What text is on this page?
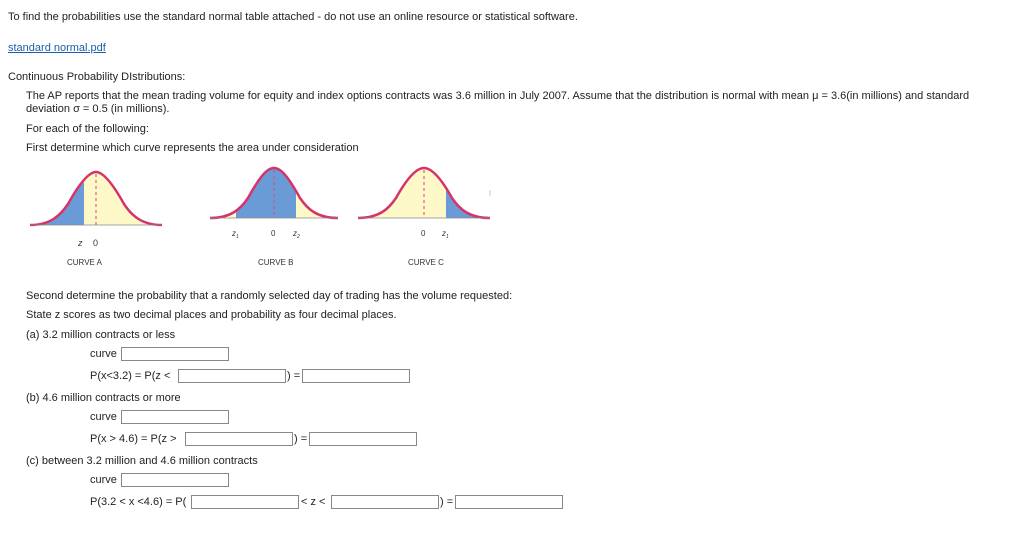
To find the probabilities use the standard normal table attached - do not use an online resource or statistical software.
standard normal.pdf
Continuous Probability DIstributions:
The AP reports that the mean trading volume for equity and index options contracts was 3.6 million in July 2007. Assume that the distribution is normal with mean μ = 3.6(in millions) and standard deviation σ = 0.5 (in millions).
For each of the following:
First determine which curve represents the area under consideration
z 0
$z_1$	0 $z_2$	0 $z_1$
CURVE A	CURVE B	CURVE C
Second determine the probability that a randomly selected day of trading has the volume requested:
State z scores as two decimal places and probability as four decimal places.
(a) 3.2 million contracts or less
curve
P(x<3.2) = P(z <	) =
(b) 4.6 million contracts or more
curve
P(x > 4.6) = P(z >	) =
(c) between 3.2 million and 4.6 million contracts
curve
P(3.2 < x <4.6) = P(	< z <	) =
